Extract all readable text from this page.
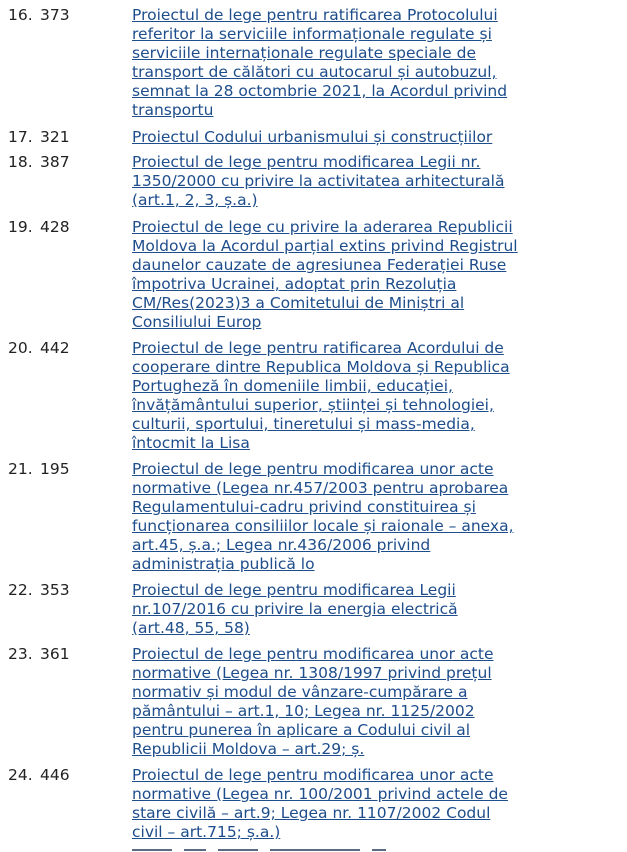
16. 373	Proiectul de lege pentru ratificarea Protocolului
referitor la serviciile informaționale regulate și
serviciile internaționale regulate speciale de
transport de călători cu autocarul și autobuzul,
semnat la 28 octombrie 2021, la Acordul privind
transportu
17. 321	Proiectul Codului urbanismului și construcțiilor
18. 387	Proiectul de lege pentru modificarea Legii nr.
1350/2000 cu privire la activitatea arhitecturală
(art.1, 2, 3, ș.a.)
19. 428	Proiectul de lege cu privire la aderarea Republicii
Moldova la Acordul parțial extins privind Registrul
daunelor cauzate de agresiunea Federației Ruse
împotriva Ucrainei, adoptat prin Rezoluția
CM/Res(2023)3 a Comitetului de Miniștri al
Consiliului Europ
20. 442	Proiectul de lege pentru ratificarea Acordului de
cooperare dintre Republica Moldova și Republica
Portugheză în domeniile limbii, educației,
învățământului superior, științei și tehnologiei,
culturii, sportului, tineretului și mass-media,
întocmit la Lisa
21. 195	Proiectul de lege pentru modificarea unor acte
normative (Legea nr.457/2003 pentru aprobarea
Regulamentului-cadru privind constituirea și
funcționarea consiliilor locale și raionale – anexa,
art.45, ș.a.; Legea nr.436/2006 privind
administrația publică lo
22. 353	Proiectul de lege pentru modificarea Legii
nr.107/2016 cu privire la energia electrică
(art.48, 55, 58)
23. 361	Proiectul de lege pentru modificarea unor acte
normative (Legea nr. 1308/1997 privind prețul
normativ și modul de vânzare-cumpărare a
pământului – art.1, 10; Legea nr. 1125/2002
pentru punerea în aplicare a Codului civil al
Republicii Moldova – art.29; ș.
24. 446	Proiectul de lege pentru modificarea unor acte
normative (Legea nr. 100/2001 privind actele de
stare civilă – art.9; Legea nr. 1107/2002 Codul
civil – art.715; ș.a.)
